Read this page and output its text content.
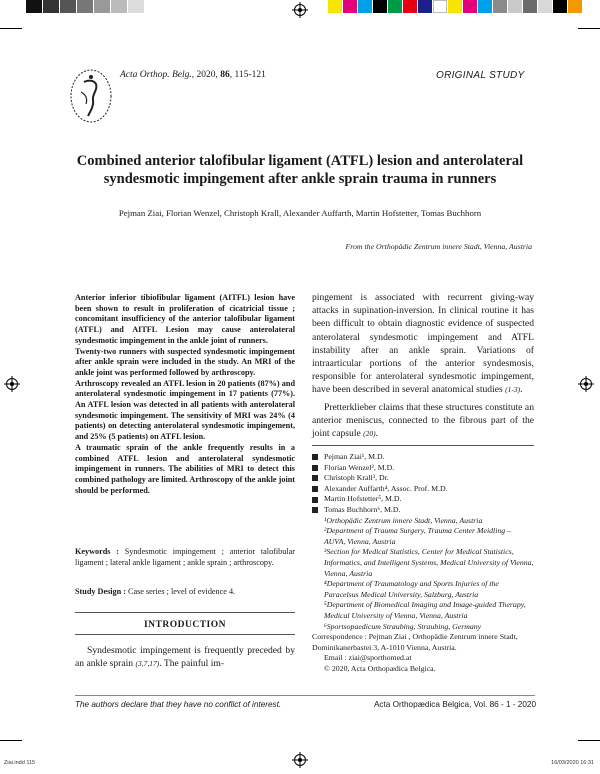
Acta Orthop. Belg., 2020, 86, 115-121	ORIGINAL STUDY
Combined anterior talofibular ligament (ATFL) lesion and anterolateral
syndesmotic impingement after ankle sprain trauma in runners
Pejman Ziai, Florian Wenzel, Christoph Krall, Alexander Auffarth, Martin Hofstetter, Tomas Buchhorn
From the Orthopädic Zentrum innere Stadt, Vienna, Austria

Anterior inferior tibiofibular ligament (AITFL) lesion have been shown to result in proliferation of cicatricial tissue ; concomitant insufficiency of the anterior talofibular ligament (ATFL) and AITFL Lesion may cause anterolateral syndesmotic impingement in the ankle joint of runners.

Twenty-two runners with suspected syndesmotic impingement after ankle sprain were included in the study. An MRI of the ankle joint was performed followed by arthroscopy.

Arthroscopy revealed an ATFL lesion in 20 patients (87%) and anterolateral syndesmotic impingement in 17 patients (77%). An ATFL lesion was detected in all patients with anterolateral syndesmotic impingement. The sensitivity of MRI was 24% (4 patients) on detecting anterolateral syndesmotic impingement, and 25% (5 patients) on ATFL lesion.

A traumatic sprain of the ankle frequently results in a combined ATFL lesion and anterolateral syndesmotic impingement in runners. The abilities of MRI to detect this combined pathology are limited. Arthroscopy of the ankle joint should be performed.

Keywords : Syndesmotic impingement ; anterior talofibular ligament ; lateral ankle ligament ; ankle sprain ; arthroscopy.
Study Design : Case series ; level of evidence 4.
INTRODUCTION

Syndesmotic impingement is frequently preceded by an ankle sprain (3,7,17). The painful im-

pingement is associated with recurrent giving-way attacks in supination-inversion. In clinical routine it has been difficult to obtain diagnostic evidence of suspected anterolateral syndesmotic impingement and ATFL instability after an ankle sprain. Variations of intraarticular portions of the anterior syndesmosis, responsible for anterolateral syndesmotic impingement, have been described in several anatomical studies (1-3).

Pretterklieber claims that these structures constitute an anterior meniscus, connected to the fibrous part of the joint capsule (20).

Pejman Ziai¹, M.D.
Florian Wenzel², M.D.
Christoph Krall³, Dr.
Alexander Auffarth⁴, Assoc. Prof. M.D.
Martin Hofstetter⁵, M.D.
Tomas Buchhorn⁶, M.D.
¹Orthopädic Zentrum innere Stadt, Vienna, Austria
²Department of Trauma Surgery, Trauma Center Meidling – AUVA, Vienna, Austria
³Section for Medical Statistics, Center for Medical Statistics, Informatics, and Intelligent Systems, Medical University of Vienna, Vienna, Austria
⁴Department of Traumatology and Sports Injuries of the Paracelsus Medical University, Salzburg, Austria
⁵Department of Biomedical Imaging and Image-guided Therapy, Medical University of Vienna, Vienna, Austria
⁶Sportsopaedicum Straubing, Straubing, Germany
Correspondence : Pejman Ziai , Orthopädie Zentrum innere Stadt, Dominikanerbastei 3, A-1010 Vienna, Austria.
Email : ziai@sporthomed.at
© 2020, Acta Orthopædica Belgica.
The authors declare that they have no conflict of interest.	Acta Orthopædica Belgica, Vol. 86 - 1 - 2020
Ziai.indd 115	16/03/2020 16:31
